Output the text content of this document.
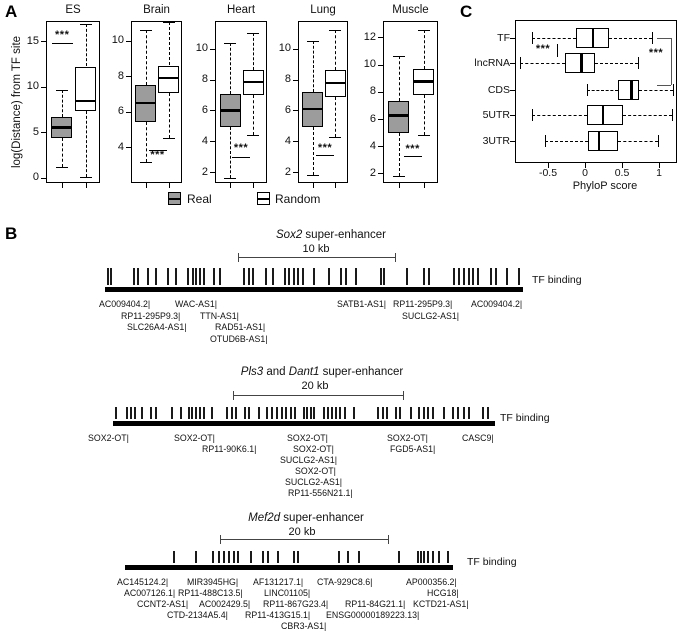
A	C
B
log(Distance) from TF site
ES
0
5
10
15 ***
Brain
4
6
8
10
***
Heart
2
4
6
8
10
***
Lung
2
4
6
8
10
***
Muscle
2
4
6
8
10
12
***
Real	Random
TF
lncRNA
CDS
5UTR
3UTR
-0.5	0	0.5	1
PhyloP score
***	***
Sox2 super-enhancer
10 kb
TF binding
AC009404.2|	WAC-AS1|	SATB1-AS1| RP11-295P9.3| AC009404.2|
RP11-295P9.3| TTN-AS1|	SUCLG2-AS1|
SLC26A4-AS1|	RAD51-AS1|
OTUD6B-AS1|
Pls3 and Dant1 super-enhancer
20 kb
TF binding
SOX2-OT|	SOX2-OT|	SOX2-OT|	SOX2-OT|	CASC9|
RP11-90K6.1|	SOX2-OT|	FGD5-AS1|
SUCLG2-AS1|
SOX2-OT|
SUCLG2-AS1|
RP11-556N21.1|
Mef2d super-enhancer
20 kb
TF binding
AC145124.2| MIR3945HG| AF131217.1| CTA-929C8.6|	AP000356.2|
AC007126.1| RP11-488C13.5| LINC01105|	HCG18|
CCNT2-AS1| AC002429.5| RP11-867G23.4| RP11-84G21.1| KCTD21-AS1|
CTD-2134A5.4| RP11-413G15.1| ENSG00000189223.13|
CBR3-AS1|
